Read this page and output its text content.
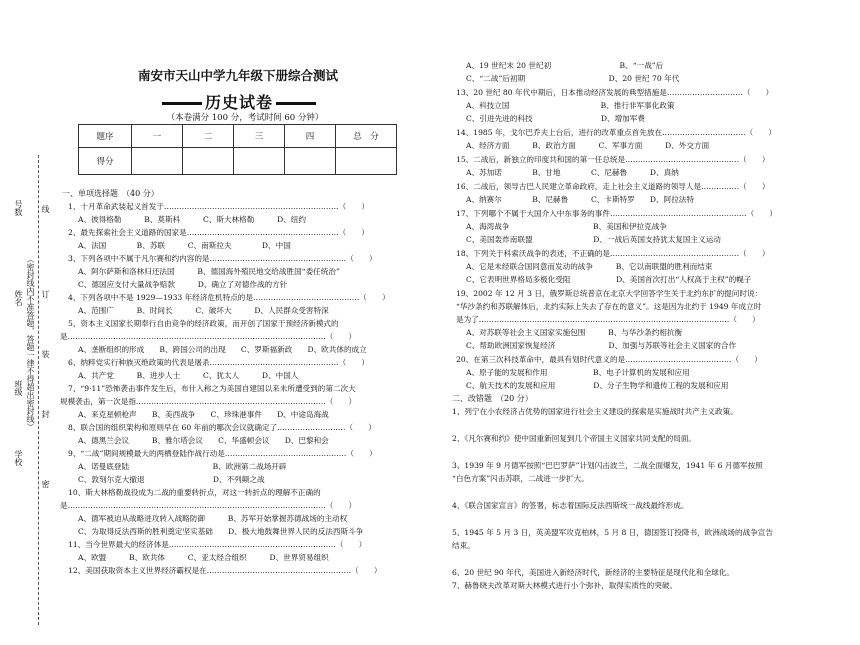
号数
姓名
班级
学校
（密封线内不准答题，答题一律不得超出密封线）
线
订
装
封
密
南安市天山中学九年级下册综合测试
历史试卷
（本卷满分 100 分，考试时间 60 分钟）
题序	一	二	三	四	总　分
得分					
一、单项选择题　（40 分）
1、十月革命武装起义首发于……………………………………………………………（　　）
A、彼得格勒　　　B、莫斯科　　　C、斯大林格勒　　　D、纽约
2、最先探索社会主义道路的国家是……………………………………………………（　　）
A、法国　　　　B、苏联　　　C、南斯拉夫　　　　D、中国
3、下列各项中不属于凡尔赛和约内容的是………………………………………………（　　）
A、阿尔萨斯和洛林归还法国　　　B、德国海外殖民地交给战胜国“委任统治”
C、德国应支付大量战争赔款　　　D、确立了对德作战的方针
4、下列各项中不是 1929—1933 年经济危机特点的是……………………………………（　　）
A、范围广　　　B、时间长　　　C、破坏大　　　D、人民群众受害特深
5、资本主义国家长期奉行自由竞争的经济政策，而开创了国家干预经济新模式的
是…………………………………………………………………………………………（　　）
A、垄断组织的形成　　B、跨国公司的出现　　C、罗斯福新政　　D、欧共体的成立
6、纳粹党实行种族灭绝政策的代表是屠杀……………………………………………（　　）
A、共产党　　　B、进步人士　　　C、犹太人　　　D、中国人
7、“9·11”恐怖袭击事件发生后，布什入称之为美国自建国以来未所遭受到的第二次大
规模袭击，第一次是指…………………………………………………………………（　　）
A、来克星顿枪声　　B、美西战争　　C、珍珠港事件　　D、中途岛海战
8、联合国的组织架构和原则早在 60 年前的哪次会议就确定了………………………（　　）
A、德黑兰会议　　　B、雅尔塔会议　　C、华盛顿会议　　D、巴黎和会
9、“二战”期间规模最大的两栖登陆作战行动是…………………………………………（　　）
A、诺曼底登陆　　　　　　　　　　　B、欧洲第二战场开辟
C、敦刻尔克大撤退　　　　　　　　　D、不列颠之战
10、斯大林格勒战役成为二战的重要转折点，对这一转折点的理解不正确的
是…………………………………………………………………………………………（　　）
A、德军被迫从战略进攻转入战略防御　　　B、苏军开始掌握苏德战场的主动权
C、为取得反法西斯的胜利奠定坚实基础　　D、极大地鼓舞世界人民的反法西斯斗争
11、当今世界最大的经济体是…………………………………………………………（　　）
A、欧盟　　　B、欧共体　　　C、亚太经合组织　　　D、世界贸易组织
12、美国获取资本主义世界经济霸权是在…………………………………………………（　　）
A、19 世纪末 20 世纪初　　　　　　　　　B、“一战”后
C、“二战”后初期　　　　　　　　　　　D、20 世纪 70 年代
13、20 世纪 80 年代中期后，日本推动经济发展的典型措施是…………………………（　　）
A、科技立国　　　　　　　　　　　　B、推行非军事化政策
C、引进先进的科技　　　　　　　　　D、增加军费
14、1985 年，戈尔巴乔夫上台后，进行的改革重点首先放在……………………………（　　）
A、经济方面　　　B、政治方面　　　C、军事方面　　　D、外交方面
15、二战后，新独立的印度共和国的第一任总统是………………………………………（　　）
A、苏加诺　　　　B、甘地　　　　C、尼赫鲁　　　D、真纳
16、二战后，领导古巴人民建立革命政府，走上社会主义道路的领导人是……………（　　）
A、纳赛尔　　　　B、尼赫鲁　　　C、卡斯特罗　　D、阿拉法特
17、下列哪个不属于大国介入中东事务的事件………………………………………………（　　）
A、海湾战争　　　　　　　　　　　B、美国和伊拉克战争
C、美国轰炸南联盟　　　　　　　　D、一战后英国支持犹太复国主义运动
18、下列关于科索沃战争的表述，不正确的是……………………………………………（　　）
A、它是未经联合国同意而发动的战争　　　B、它以南联盟的胜利而结束
C、它表明世界格局多极化受阻　　　　　　D、美国首次打出“人权高于主权”的幌子
19、2002 年 12 月 3 日，俄罗斯总统普京在北京大学回答学生关于北约东扩的提问时说：
“华沙条约和苏联解体后，北约实际上失去了存在的意义”。这是因为北约于 1949 年成立时
是为了………………………………………………………………………………………（　　）
A、对苏联等社会主义国家实施包围　　　B、与华沙条约相抗衡
C、帮助欧洲国家恢复经济　　　　　　　D、加强与苏联等社会主义国家的合作
20、在第三次科技革命中，最具有划时代意义的是……………………………………（　　）
A、原子能的发展和作用　　　　　　B、电子计算机的发展和应用
C、航天技术的发展和应用　　　　　D、分子生物学和遗传工程的发展和应用
二、改错题　（20 分）
1、列宁在小农经济占优势的国家进行社会主义建设的探索是实施战时共产主义政策。
2、《凡尔赛和约》使中国重新回复到几个帝国主义国家共同支配的局面。
3、1939 年 9 月德军按照“巴巴罗萨”计划闪击波兰，二战全面爆发，1941 年 6 月德军按照
“白色方案”闪击苏联，二战进一步扩大。
4、《联合国家宣言》的签署，标志着国际反法西斯统一战线最终形成。
5、1945 年 5 月 3 日，英美盟军攻克柏林，5 月 8 日，德国签订投降书，欧洲战场的战争宣告
结束。
6、20 世纪 90 年代，美国进入新经济时代，新经济的主要特征是现代化和全球化。
7、赫鲁晓夫改革对斯大林模式进行小个弥补，取得实质性的突破。
